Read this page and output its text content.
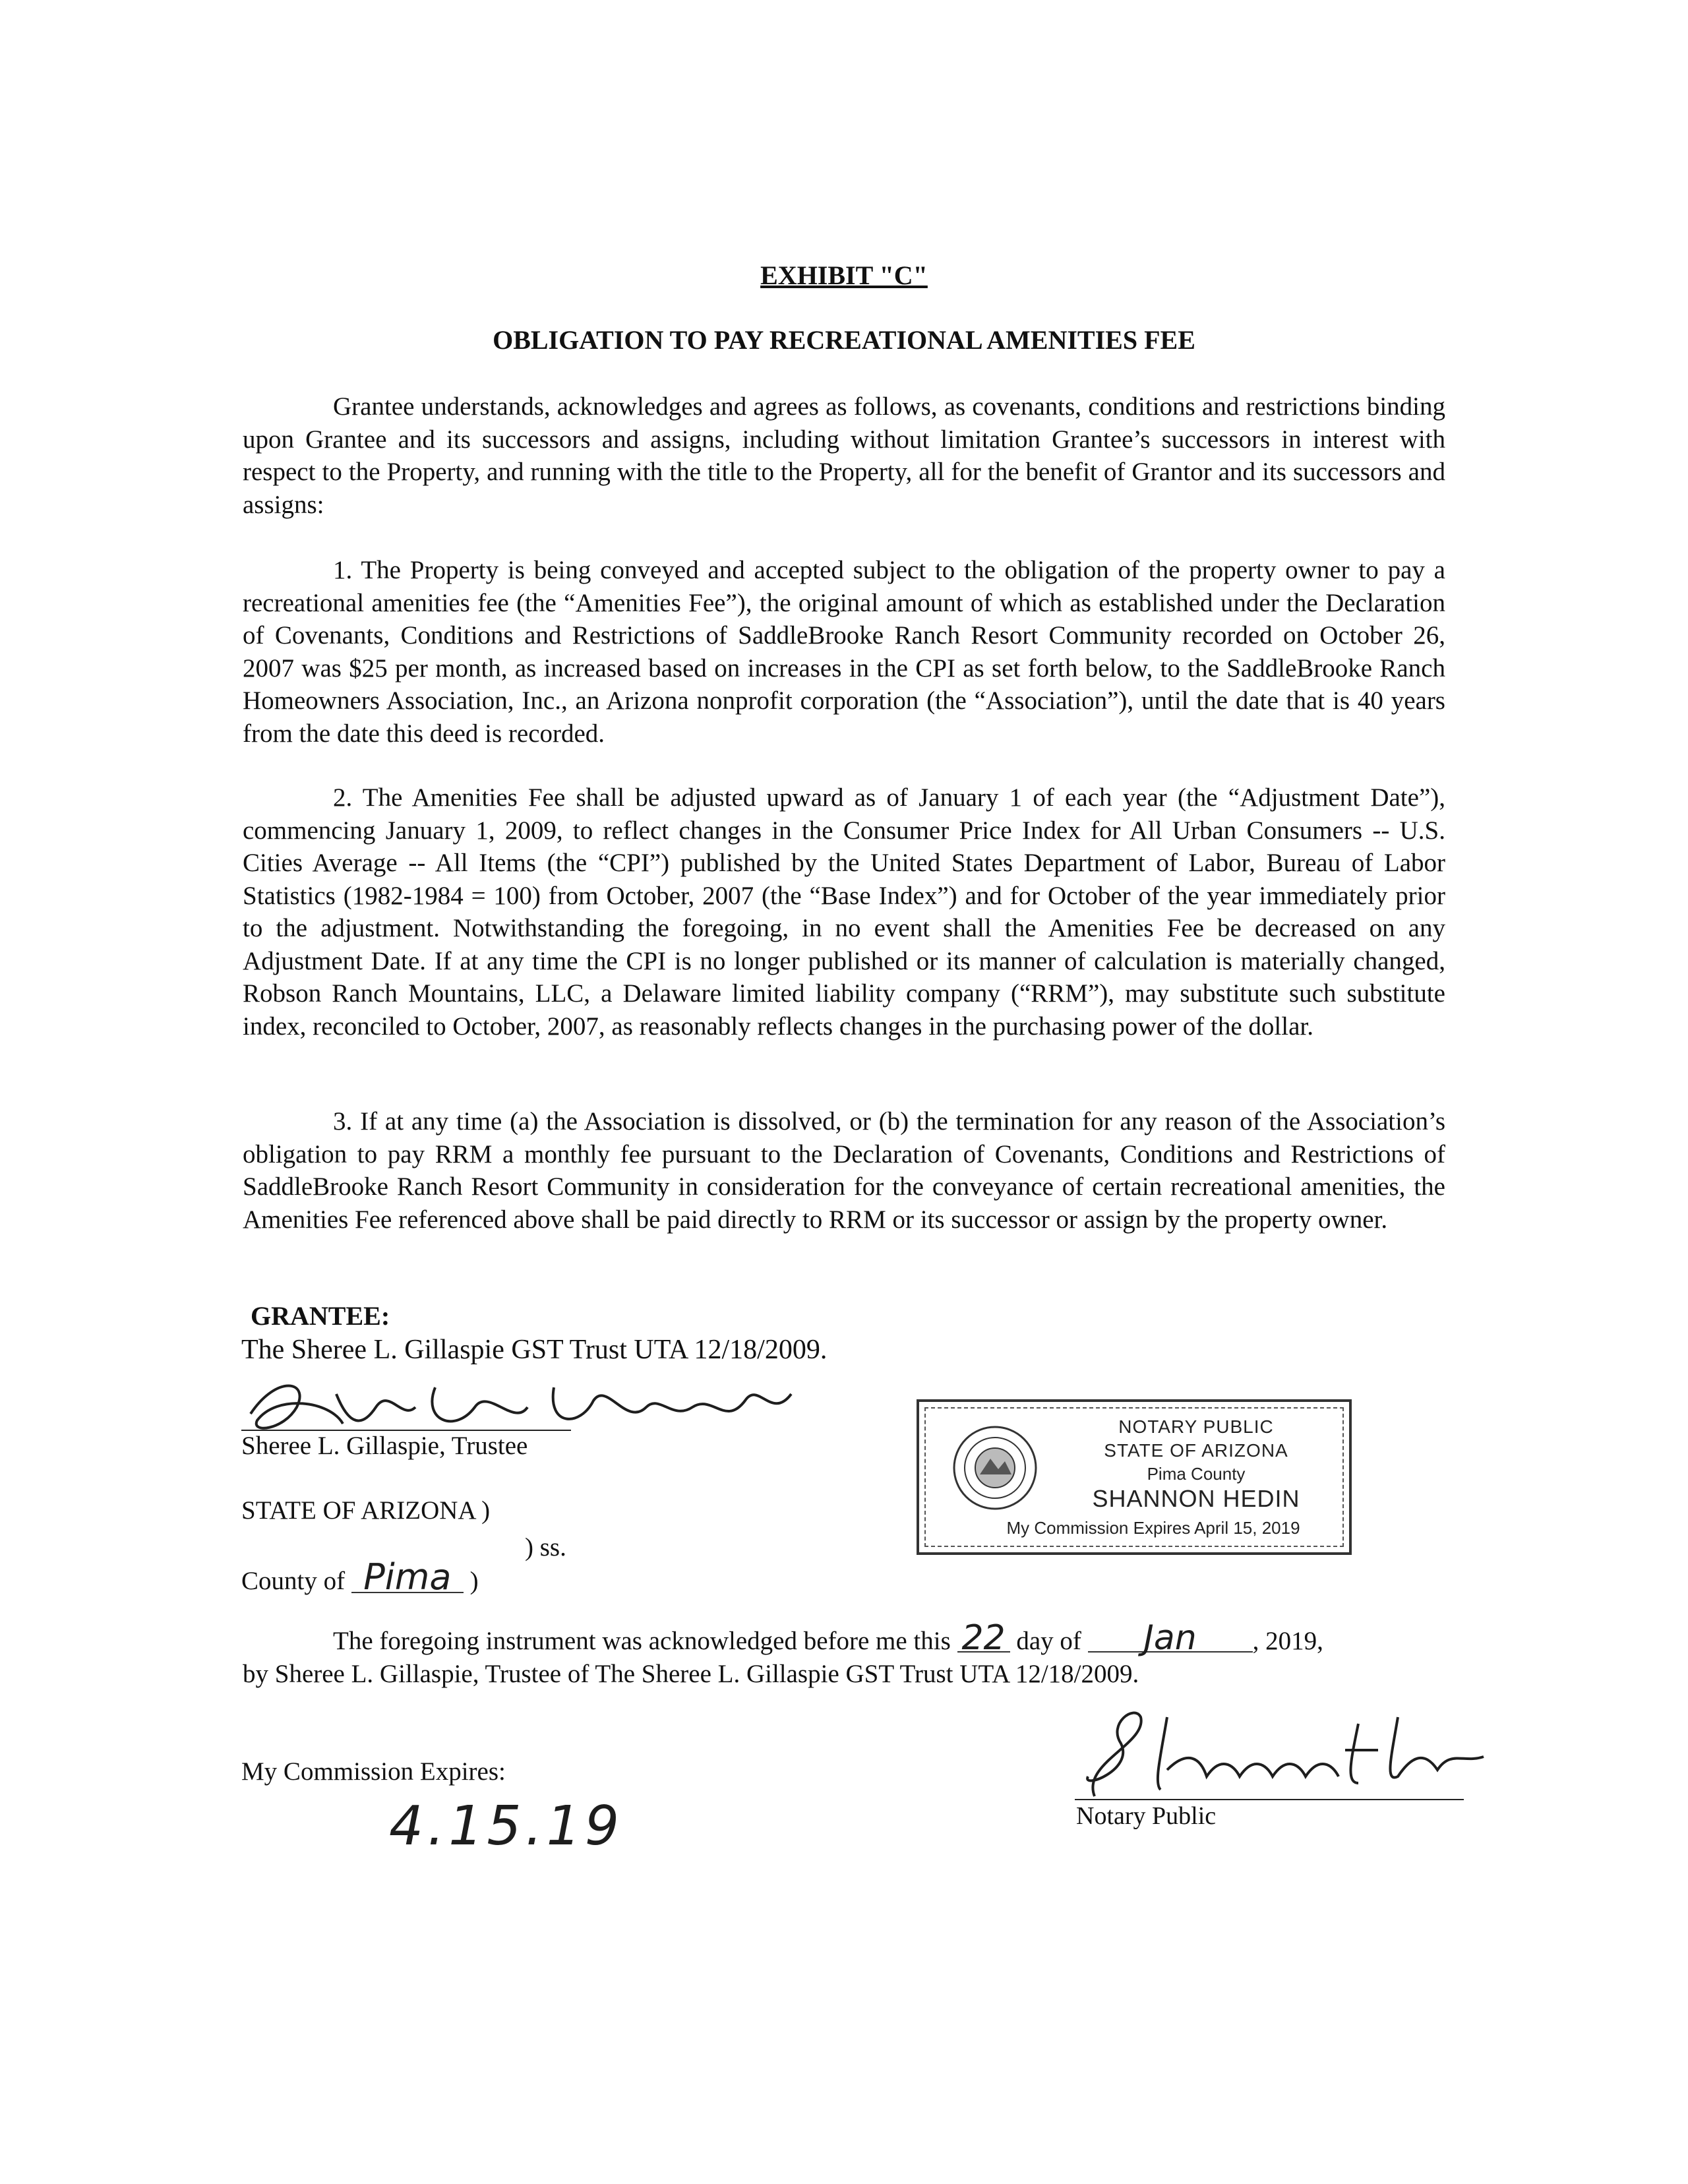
EXHIBIT "C"
OBLIGATION TO PAY RECREATIONAL AMENITIES FEE

Grantee understands, acknowledges and agrees as follows, as covenants, conditions and restrictions binding upon Grantee and its successors and assigns, including without limitation Grantee’s successors in interest with respect to the Property, and running with the title to the Property, all for the benefit of Grantor and its successors and assigns:

1. The Property is being conveyed and accepted subject to the obligation of the property owner to pay a recreational amenities fee (the “Amenities Fee”), the original amount of which as established under the Declaration of Covenants, Conditions and Restrictions of SaddleBrooke Ranch Resort Community recorded on October 26, 2007 was $25 per month, as increased based on increases in the CPI as set forth below, to the SaddleBrooke Ranch Homeowners Association, Inc., an Arizona nonprofit corporation (the “Association”), until the date that is 40 years from the date this deed is recorded.

2. The Amenities Fee shall be adjusted upward as of January 1 of each year (the “Adjustment Date”), commencing January 1, 2009, to reflect changes in the Consumer Price Index for All Urban Consumers -- U.S. Cities Average -- All Items (the “CPI”) published by the United States Department of Labor, Bureau of Labor Statistics (1982-1984 = 100) from October, 2007 (the “Base Index”) and for October of the year immediately prior to the adjustment. Notwithstanding the foregoing, in no event shall the Amenities Fee be decreased on any Adjustment Date. If at any time the CPI is no longer published or its manner of calculation is materially changed, Robson Ranch Mountains, LLC, a Delaware limited liability company (“RRM”), may substitute such substitute index, reconciled to October, 2007, as reasonably reflects changes in the purchasing power of the dollar.

3. If at any time (a) the Association is dissolved, or (b) the termination for any reason of the Association’s obligation to pay RRM a monthly fee pursuant to the Declaration of Covenants, Conditions and Restrictions of SaddleBrooke Ranch Resort Community in consideration for the conveyance of certain recreational amenities, the Amenities Fee referenced above shall be paid directly to RRM or its successor or assign by the property owner.

GRANTEE:
The Sheree L. Gillaspie GST Trust UTA 12/18/2009.
Sheree L. Gillaspie, Trustee
STATE OF ARIZONA )
) ss.
County of Pima )
NOTARY PUBLIC
STATE OF ARIZONA
Pima County
SHANNON HEDIN
My Commission Expires April 15, 2019

The foregoing instrument was acknowledged before me this 22 day of Jan , 2019,
by Sheree L. Gillaspie, Trustee of The Sheree L. Gillaspie GST Trust UTA 12/18/2009.

My Commission Expires:
4.15.19	Notary Public
